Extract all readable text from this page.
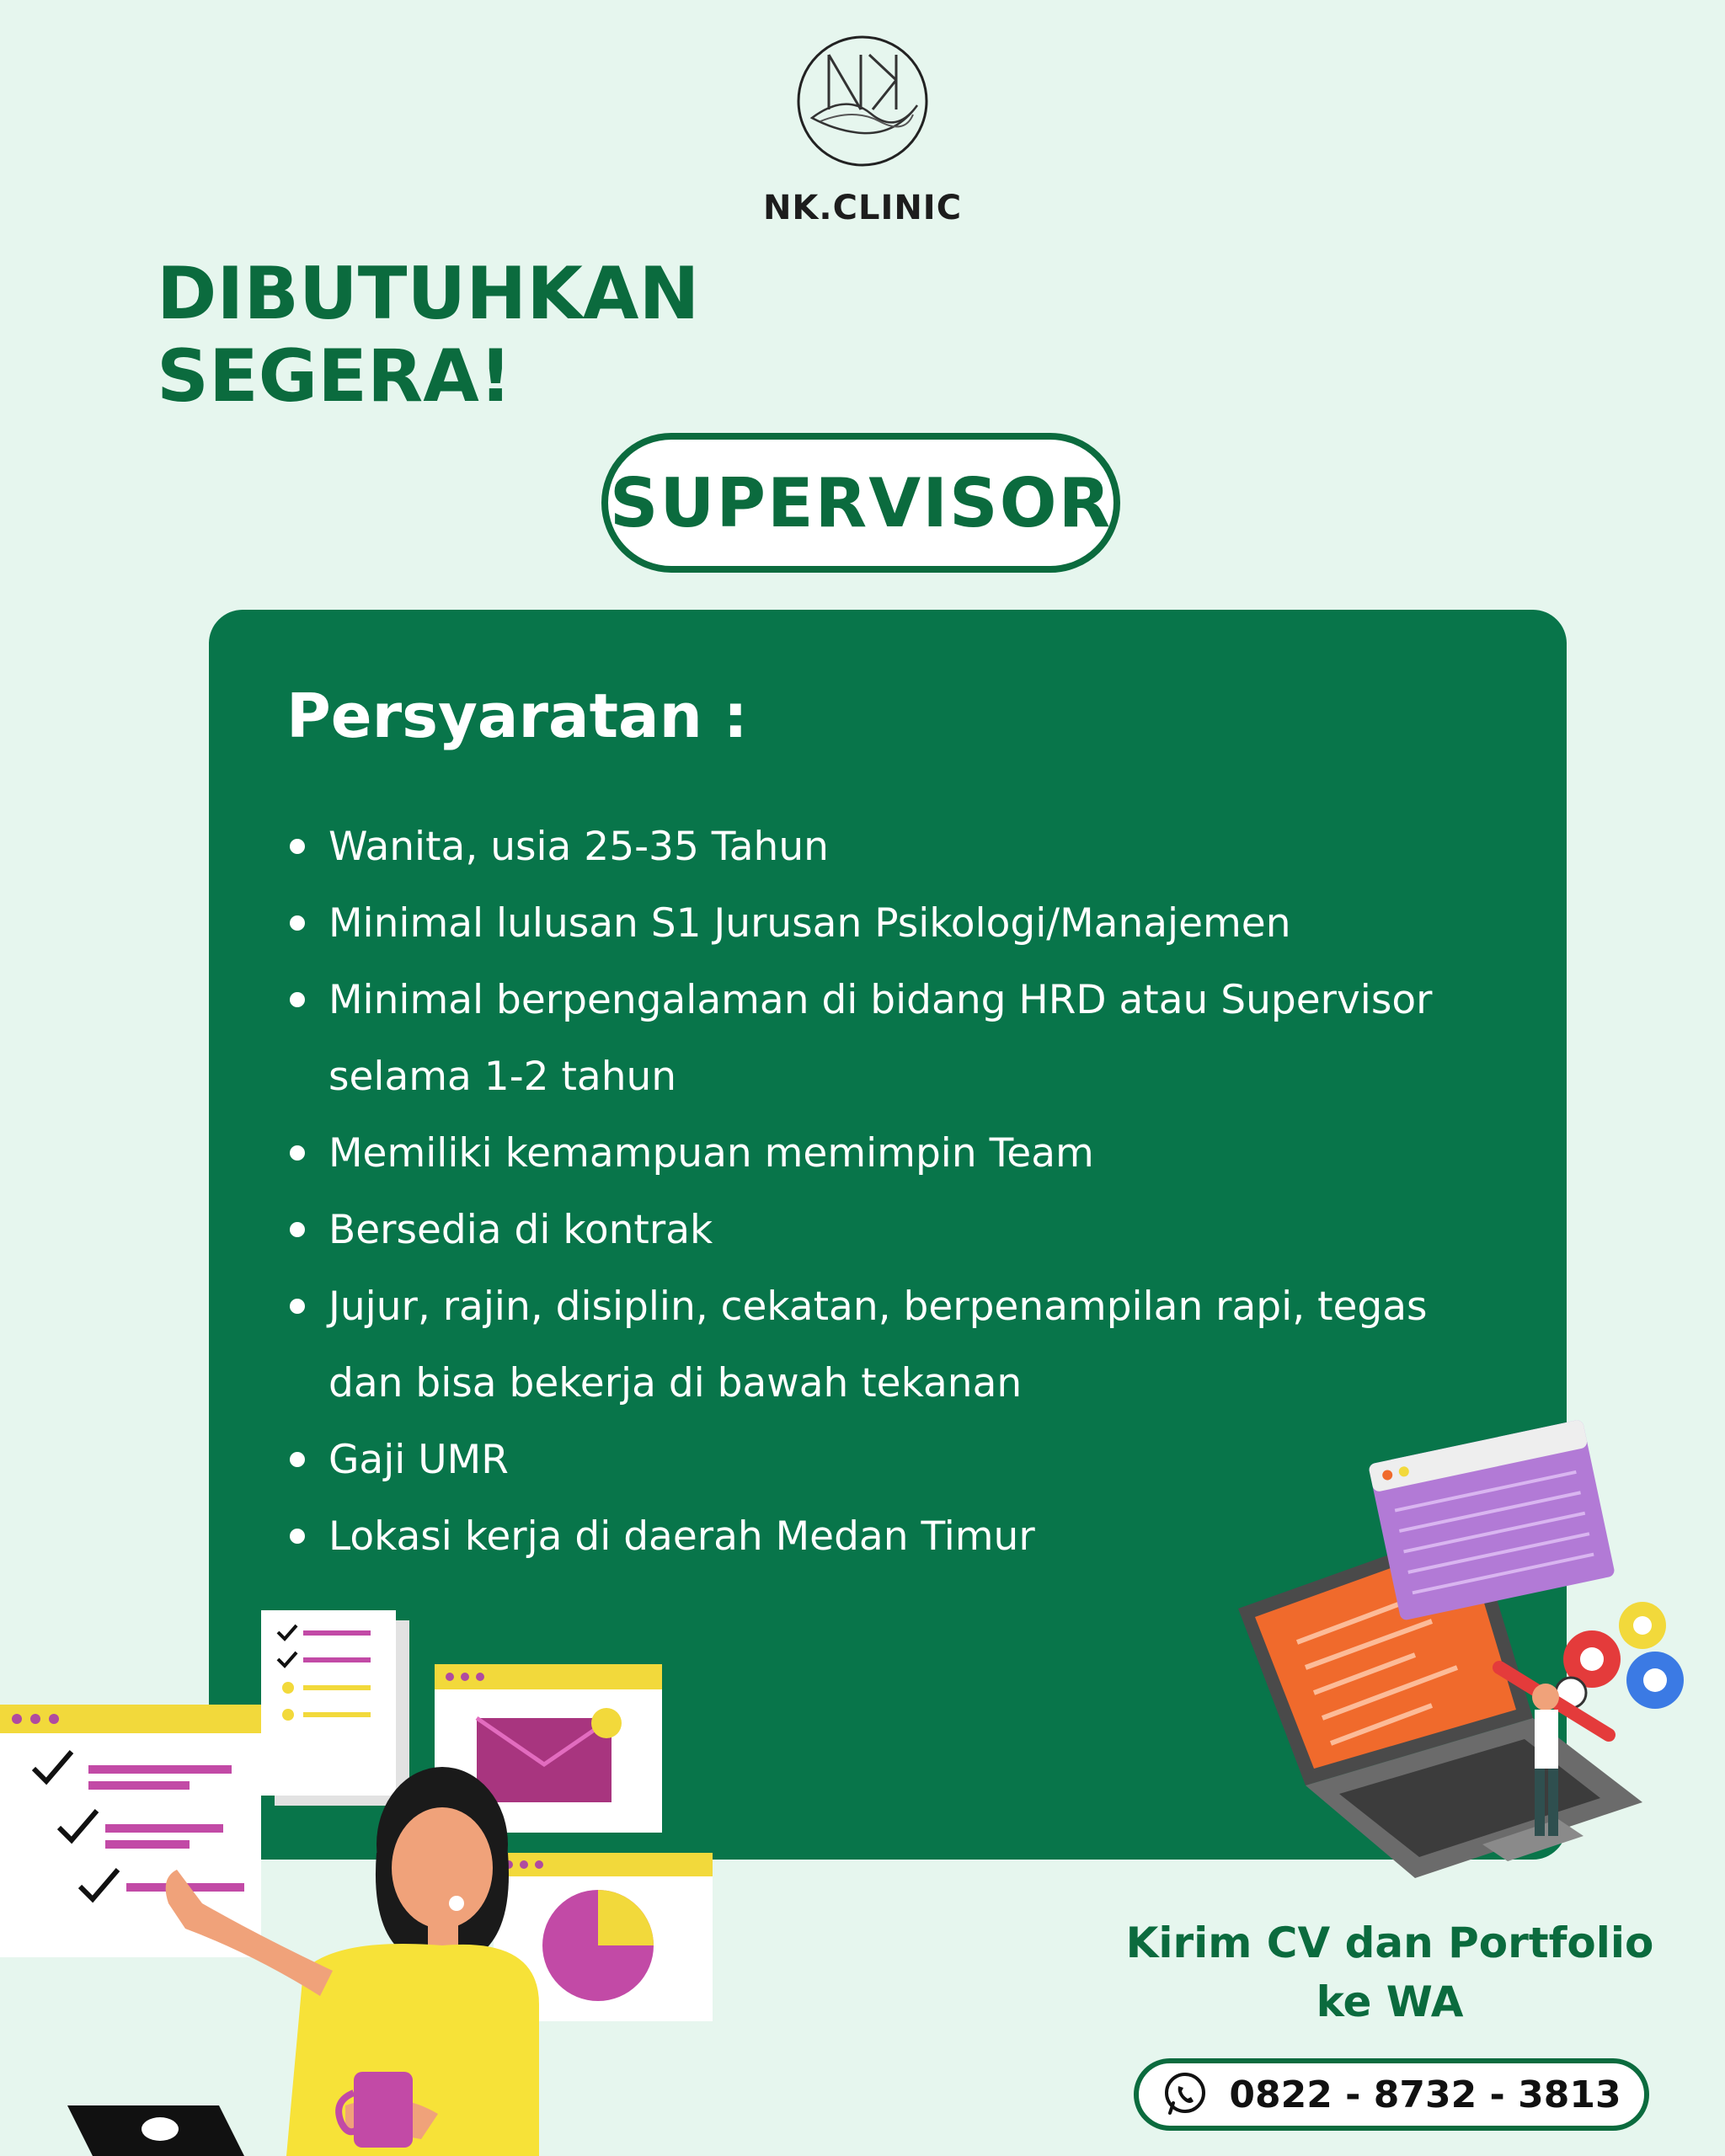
NK.CLINIC
DIBUTUHKAN
SEGERA!
SUPERVISOR
Persyaratan :
Wanita, usia 25-35 Tahun
Minimal lulusan S1 Jurusan Psikologi/Manajemen
Minimal berpengalaman di bidang HRD atau Supervisor selama 1-2 tahun
Memiliki kemampuan memimpin Team
Bersedia di kontrak
Jujur, rajin, disiplin, cekatan, berpenampilan rapi, tegas dan bisa bekerja di bawah tekanan
Gaji UMR
Lokasi kerja di daerah Medan Timur
Kirim CV dan Portfolio
ke WA
0822 - 8732 - 3813
